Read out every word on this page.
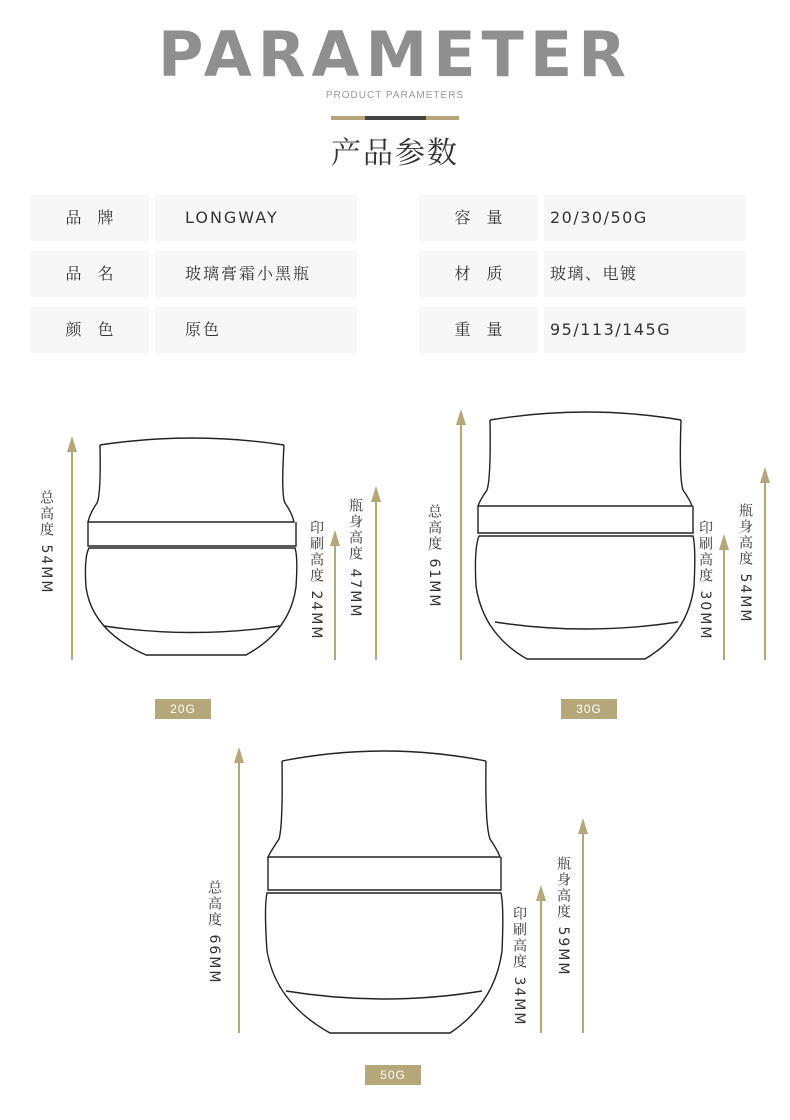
PARAMETER
PRODUCT PARAMETERS
产品参数
品牌	LONGWAY
品名	玻璃膏霜小黑瓶
颜色	原色
容量	20/30/50G
材质	玻璃、电镀
重量	95/113/145G
总高度 54MM	印刷高度 24MM 瓶身高度 47MM
20G
总高度 61MM	印刷高度 30MM 瓶身高度 54MM
30G
总高度 66MM	印刷高度 34MM 瓶身高度 59MM
50G
